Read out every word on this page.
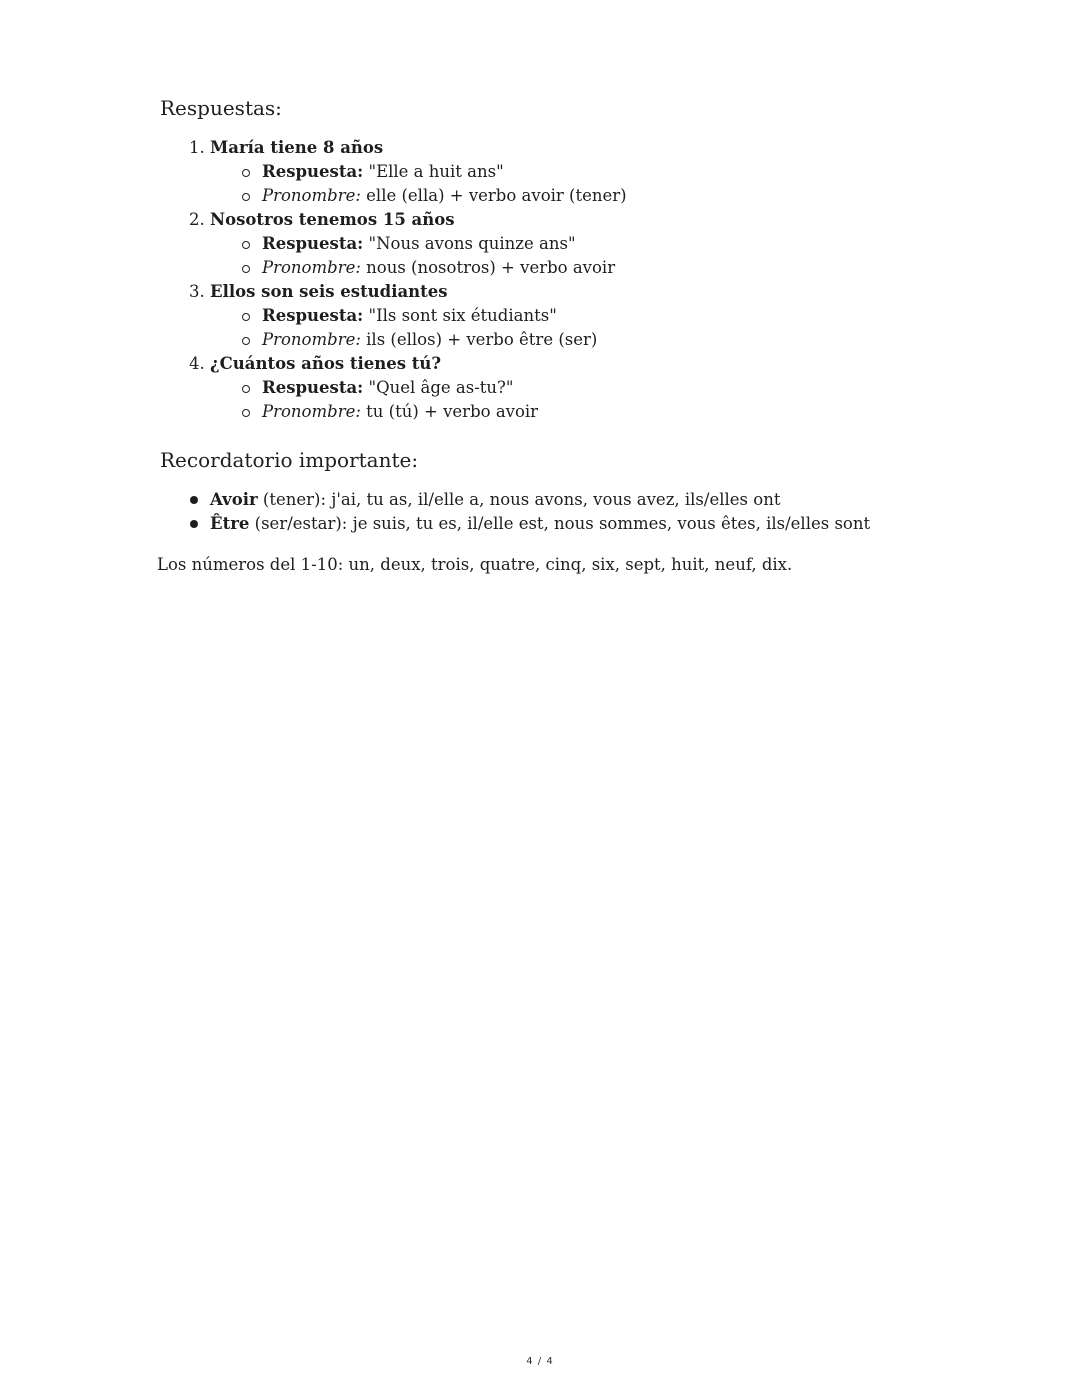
Respuestas:
1. María tiene 8 años
Respuesta: "Elle a huit ans"
Pronombre: elle (ella) + verbo avoir (tener)
2. Nosotros tenemos 15 años
Respuesta: "Nous avons quinze ans"
Pronombre: nous (nosotros) + verbo avoir
3. Ellos son seis estudiantes
Respuesta: "Ils sont six étudiants"
Pronombre: ils (ellos) + verbo être (ser)
4. ¿Cuántos años tienes tú?
Respuesta: "Quel âge as-tu?"
Pronombre: tu (tú) + verbo avoir
Recordatorio importante:
Avoir (tener): j'ai, tu as, il/elle a, nous avons, vous avez, ils/elles ont
Être (ser/estar): je suis, tu es, il/elle est, nous sommes, vous êtes, ils/elles sont

Los números del 1-10: un, deux, trois, quatre, cinq, six, sept, huit, neuf, dix.

4 / 4
